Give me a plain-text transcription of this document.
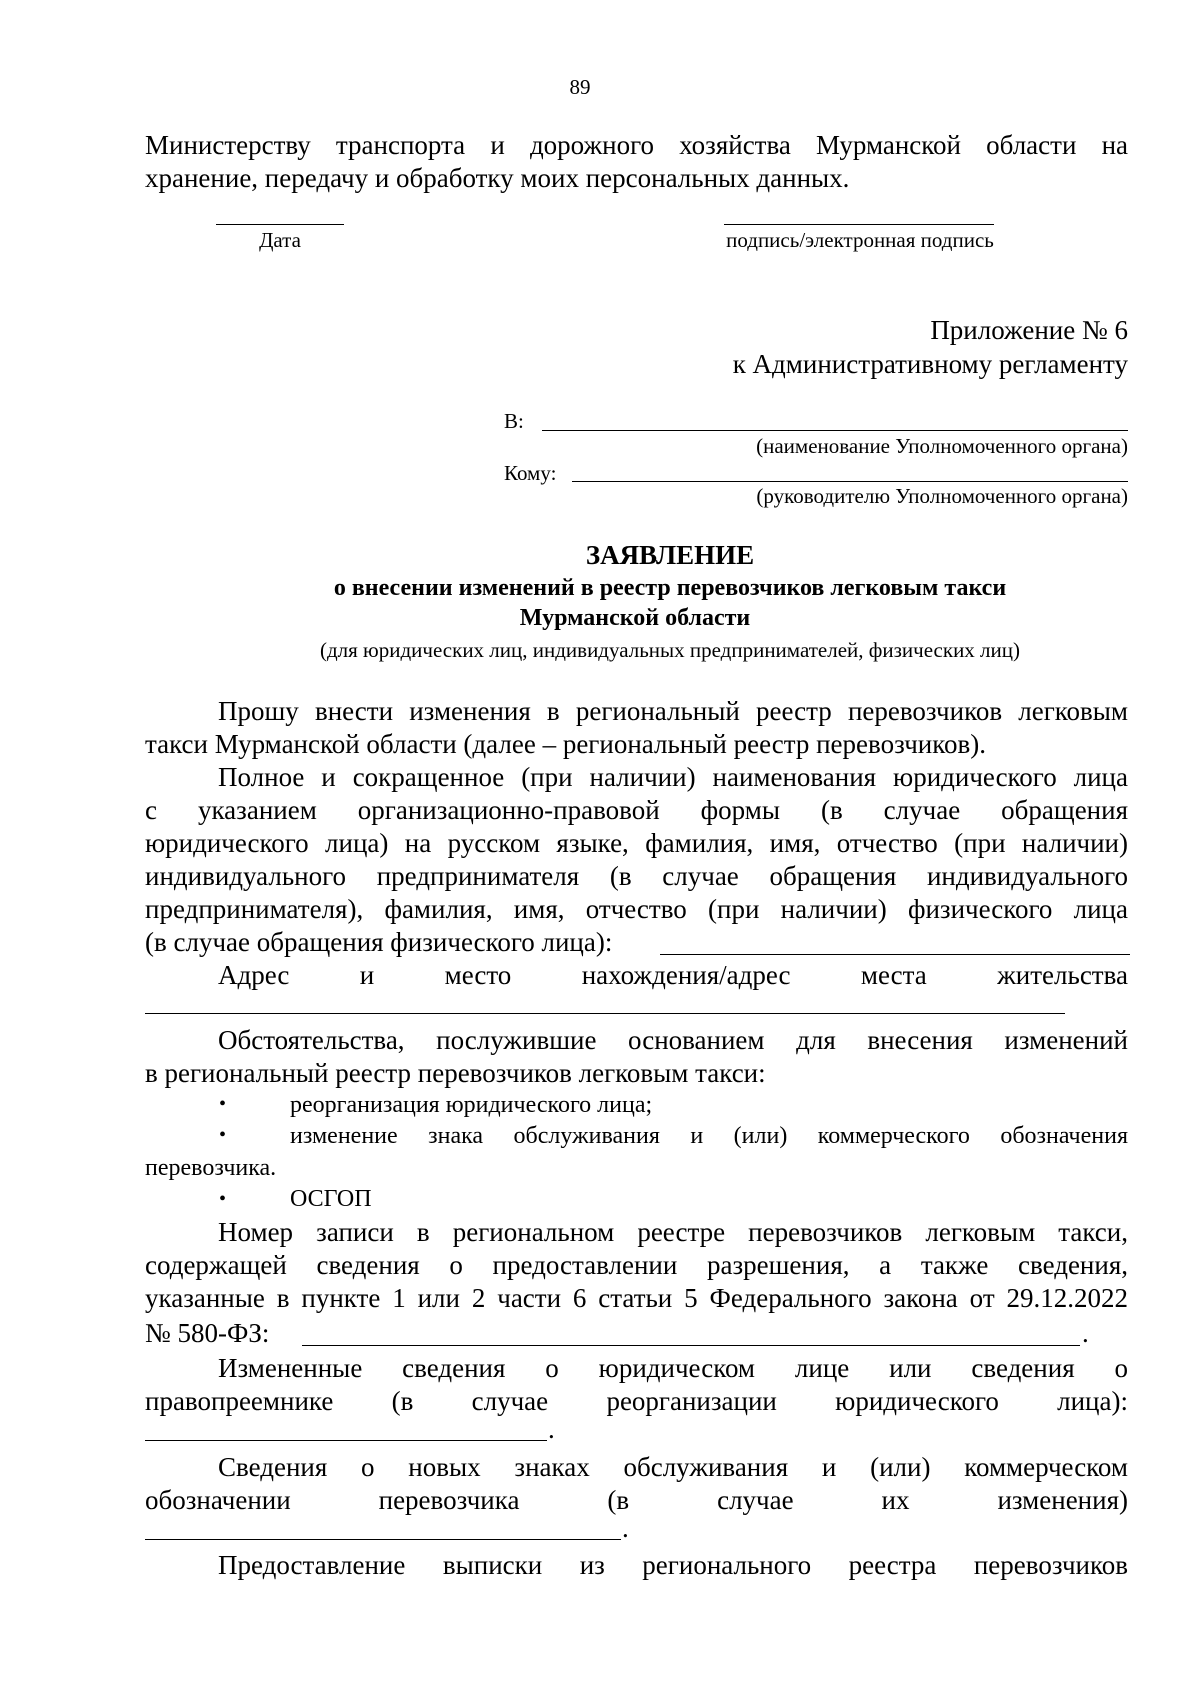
89
Министерству транспорта и дорожного хозяйства Мурманской области на
хранение, передачу и обработку моих персональных данных.
Дата	подпись/электронная подпись
Приложение № 6
к Административному регламенту
В:
(наименование Уполномоченного органа)
Кому:
(руководителю Уполномоченного органа)
ЗАЯВЛЕНИЕ
о внесении изменений в реестр перевозчиков легковым такси
Мурманской области
(для юридических лиц, индивидуальных предпринимателей, физических лиц)
Прошу внести изменения в региональный реестр перевозчиков легковым
такси Мурманской области (далее – региональный реестр перевозчиков).
Полное и сокращенное (при наличии) наименования юридического лица
с указанием организационно-правовой формы (в случае обращения
юридического лица) на русском языке, фамилия, имя, отчество (при наличии)
индивидуального предпринимателя (в случае обращения индивидуального
предпринимателя), фамилия, имя, отчество (при наличии) физического лица
(в случае обращения физического лица):
Адрес и место нахождения/адрес места жительства
Обстоятельства, послужившие основанием для внесения изменений
в региональный реестр перевозчиков легковым такси:
•	реорганизация юридического лица;
•	изменение знака обслуживания и (или) коммерческого обозначения
перевозчика.
•	ОСГОП
Номер записи в региональном реестре перевозчиков легковым такси,
содержащей сведения о предоставлении разрешения, а также сведения,
указанные в пункте 1 или 2 части 6 статьи 5 Федерального закона от 29.12.2022
№ 580-ФЗ:	.
Измененные сведения о юридическом лице или сведения о
правопреемнике (в случае реорганизации юридического лица):
.
Сведения о новых знаках обслуживания и (или) коммерческом
обозначении перевозчика (в случае их изменения)
.
Предоставление выписки из регионального реестра перевозчиков
